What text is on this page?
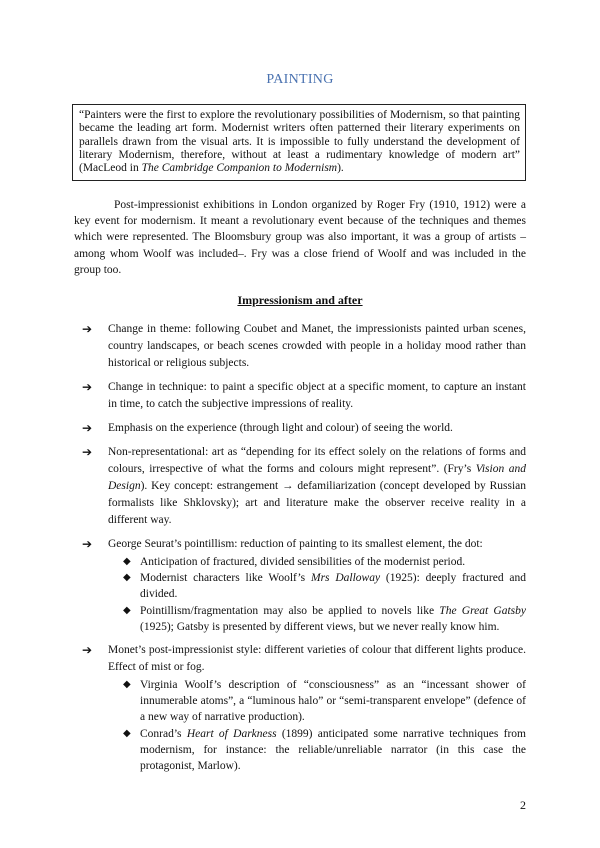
PAINTING
“Painters were the first to explore the revolutionary possibilities of Modernism, so that painting became the leading art form. Modernist writers often patterned their literary experiments on parallels drawn from the visual arts. It is impossible to fully understand the development of literary Modernism, therefore, without at least a rudimentary knowledge of modern art” (MacLeod in The Cambridge Companion to Modernism).

Post-impressionist exhibitions in London organized by Roger Fry (1910, 1912) were a key event for modernism. It meant a revolutionary event because of the techniques and themes which were represented. The Bloomsbury group was also important, it was a group of artists –among whom Woolf was included–. Fry was a close friend of Woolf and was included in the group too.

Impressionism and after
➔ Change in theme: following Coubet and Manet, the impressionists painted urban scenes, country landscapes, or beach scenes crowded with people in a holiday mood rather than historical or religious subjects.
➔ Change in technique: to paint a specific object at a specific moment, to capture an instant in time, to catch the subjective impressions of reality.
➔ Emphasis on the experience (through light and colour) of seeing the world.
➔ Non-representational: art as “depending for its effect solely on the relations of forms and colours, irrespective of what the forms and colours might represent”. (Fry’s Vision and Design). Key concept: estrangement → defamiliarization (concept developed by Russian formalists like Shklovsky); art and literature make the observer receive reality in a different way.
➔ George Seurat’s pointillism: reduction of painting to its smallest element, the dot:
◆ Anticipation of fractured, divided sensibilities of the modernist period.
◆ Modernist characters like Woolf’s Mrs Dalloway (1925): deeply fractured and divided.
◆ Pointillism/fragmentation may also be applied to novels like The Great Gatsby (1925); Gatsby is presented by different views, but we never really know him.
➔ Monet’s post-impressionist style: different varieties of colour that different lights produce. Effect of mist or fog.
◆ Virginia Woolf’s description of “consciousness” as an “incessant shower of innumerable atoms”, a “luminous halo” or “semi-transparent envelope” (defence of a new way of narrative production).
◆ Conrad’s Heart of Darkness (1899) anticipated some narrative techniques from modernism, for instance: the reliable/unreliable narrator (in this case the protagonist, Marlow).
2
